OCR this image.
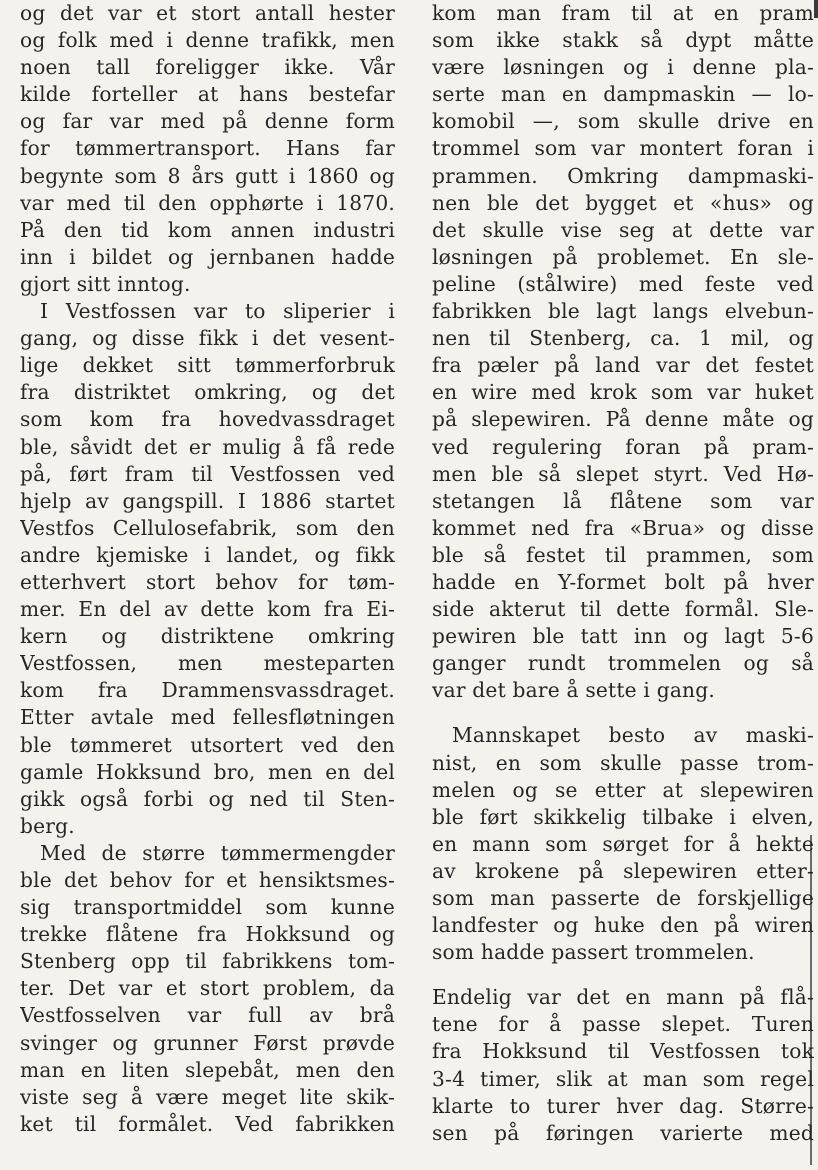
og det var et stort antall hester
og folk med i denne trafikk, men
noen tall foreligger ikke. Vår
kilde forteller at hans bestefar
og far var med på denne form
for tømmertransport. Hans far
begynte som 8 års gutt i 1860 og
var med til den opphørte i 1870.
På den tid kom annen industri
inn i bildet og jernbanen hadde
gjort sitt inntog.
I Vestfossen var to sliperier i
gang, og disse fikk i det vesent-
lige dekket sitt tømmerforbruk
fra distriktet omkring, og det
som kom fra hovedvassdraget
ble, såvidt det er mulig å få rede
på, ført fram til Vestfossen ved
hjelp av gangspill. I 1886 startet
Vestfos Cellulosefabrik, som den
andre kjemiske i landet, og fikk
etterhvert stort behov for tøm-
mer. En del av dette kom fra Ei-
kern og distriktene omkring
Vestfossen, men mesteparten
kom fra Drammensvassdraget.
Etter avtale med fellesfløtningen
ble tømmeret utsortert ved den
gamle Hokksund bro, men en del
gikk også forbi og ned til Sten-
berg.
Med de større tømmermengder
ble det behov for et hensiktsmes-
sig transportmiddel som kunne
trekke flåtene fra Hokksund og
Stenberg opp til fabrikkens tom-
ter. Det var et stort problem, da
Vestfosselven var full av brå
svinger og grunner Først prøvde
man en liten slepebåt, men den
viste seg å være meget lite skik-
ket til formålet. Ved fabrikken
kom man fram til at en pram
som ikke stakk så dypt måtte
være løsningen og i denne pla-
serte man en dampmaskin — lo-
komobil —, som skulle drive en
trommel som var montert foran i
prammen. Omkring dampmaski-
nen ble det bygget et «hus» og
det skulle vise seg at dette var
løsningen på problemet. En sle-
peline (stålwire) med feste ved
fabrikken ble lagt langs elvebun-
nen til Stenberg, ca. 1 mil, og
fra pæler på land var det festet
en wire med krok som var huket
på slepewiren. På denne måte og
ved regulering foran på pram-
men ble så slepet styrt. Ved Hø-
stetangen lå flåtene som var
kommet ned fra «Brua» og disse
ble så festet til prammen, som
hadde en Y-formet bolt på hver
side akterut til dette formål. Sle-
pewiren ble tatt inn og lagt 5-6
ganger rundt trommelen og så
var det bare å sette i gang.
Mannskapet besto av maski-
nist, en som skulle passe trom-
melen og se etter at slepewiren
ble ført skikkelig tilbake i elven,
en mann som sørget for å hekte
av krokene på slepewiren etter-
som man passerte de forskjellige
landfester og huke den på wiren
som hadde passert trommelen.
Endelig var det en mann på flå-
tene for å passe slepet. Turen
fra Hokksund til Vestfossen tok
3-4 timer, slik at man som regel
klarte to turer hver dag. Større-
sen på føringen varierte med
